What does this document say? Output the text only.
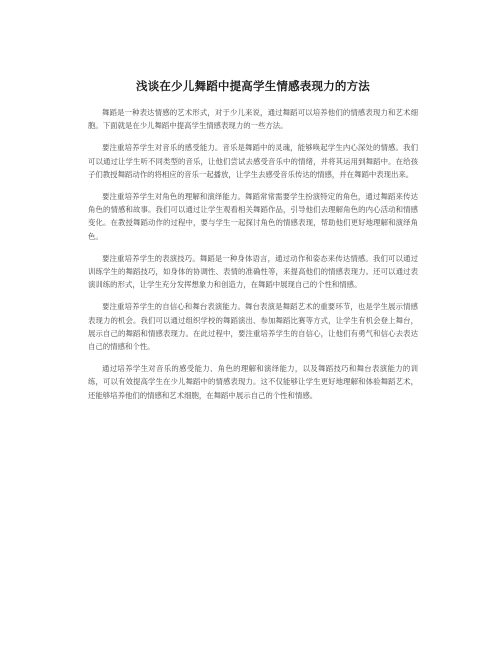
浅谈在少儿舞蹈中提高学生情感表现力的方法

舞蹈是一种表达情感的艺术形式，对于少儿来说，通过舞蹈可以培养他们的情感表现力和艺术细胞。下面就是在少儿舞蹈中提高学生情感表现力的一些方法。

要注重培养学生对音乐的感受能力。音乐是舞蹈中的灵魂，能够唤起学生内心深处的情感。我们可以通过让学生听不同类型的音乐，让他们尝试去感受音乐中的情绪，并将其运用到舞蹈中。在给孩子们教授舞蹈动作的将相应的音乐一起播放，让学生去感受音乐传达的情感，并在舞蹈中表现出来。

要注重培养学生对角色的理解和演绎能力。舞蹈常常需要学生扮演特定的角色，通过舞蹈来传达角色的情感和故事。我们可以通过让学生观看相关舞蹈作品，引导他们去理解角色的内心活动和情感变化。在教授舞蹈动作的过程中，要与学生一起探讨角色的情感表现，帮助他们更好地理解和演绎角色。

要注重培养学生的表演技巧。舞蹈是一种身体语言，通过动作和姿态来传达情感。我们可以通过训练学生的舞蹈技巧，如身体的协调性、表情的准确性等，来提高他们的情感表现力。还可以通过表演训练的形式，让学生充分发挥想象力和创造力，在舞蹈中展现自己的个性和情感。

要注重培养学生的自信心和舞台表演能力。舞台表演是舞蹈艺术的重要环节，也是学生展示情感表现力的机会。我们可以通过组织学校的舞蹈演出、参加舞蹈比赛等方式，让学生有机会登上舞台，展示自己的舞蹈和情感表现力。在此过程中，要注重培养学生的自信心，让他们有勇气和信心去表达自己的情感和个性。

通过培养学生对音乐的感受能力、角色的理解和演绎能力，以及舞蹈技巧和舞台表演能力的训练，可以有效提高学生在少儿舞蹈中的情感表现力。这不仅能够让学生更好地理解和体验舞蹈艺术，还能够培养他们的情感和艺术细胞，在舞蹈中展示自己的个性和情感。
